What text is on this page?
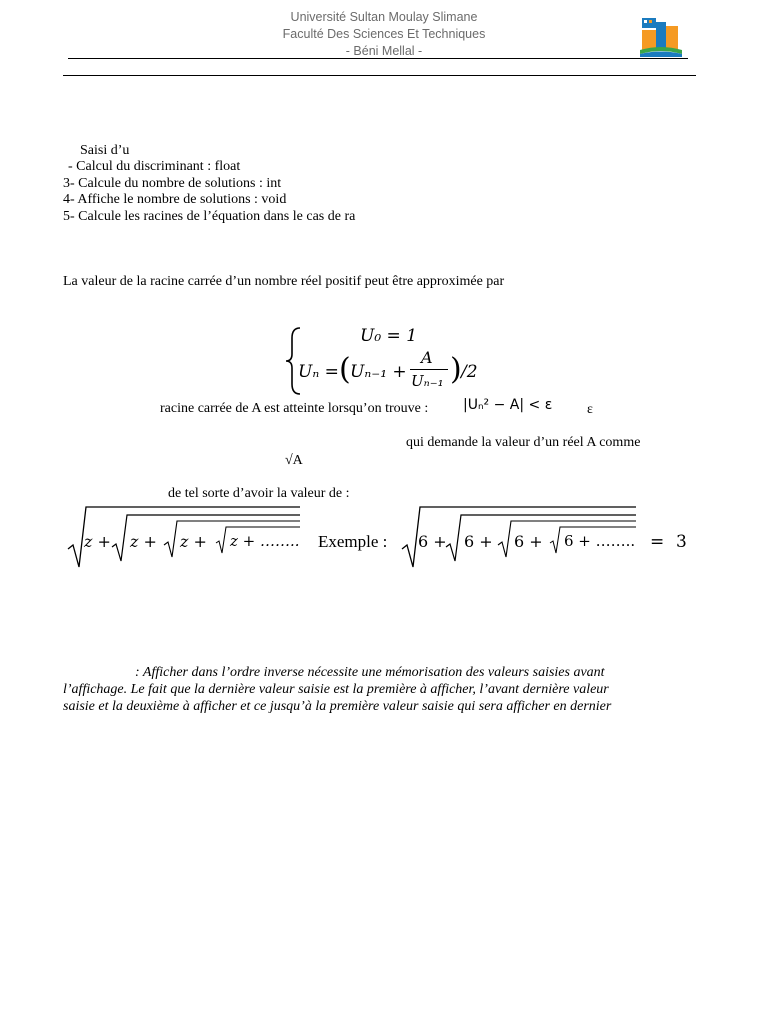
Université Sultan Moulay Slimane
Faculté Des Sciences Et Techniques
- Béni Mellal -
Saisi d’u
- Calcul du discriminant : float
3- Calcule du nombre de solutions : int
4- Affiche le nombre de solutions : void
5- Calcule les racines de l’équation dans le cas de ra
La valeur de la racine carrée d’un nombre réel positif peut être approximée par
U₀ = 1
Uₙ = ( Uₙ₋₁ +
A
Uₙ₋₁ ) /2
racine carrée de A est atteinte lorsqu’on trouve : |Uₙ² − A| < ε ε
qui demande la valeur d’un réel A comme
√A
de tel sorte d’avoir la valeur de :
z + z + z + z + …….. Exemple : 6 + 6 + 6 + 6 + …….. = 3
: Afficher dans l’ordre inverse nécessite une mémorisation des valeurs saisies avant
l’affichage. Le fait que la dernière valeur saisie est la première à afficher, l’avant dernière valeur
saisie et la deuxième à afficher et ce jusqu’à la première valeur saisie qui sera afficher en dernier
